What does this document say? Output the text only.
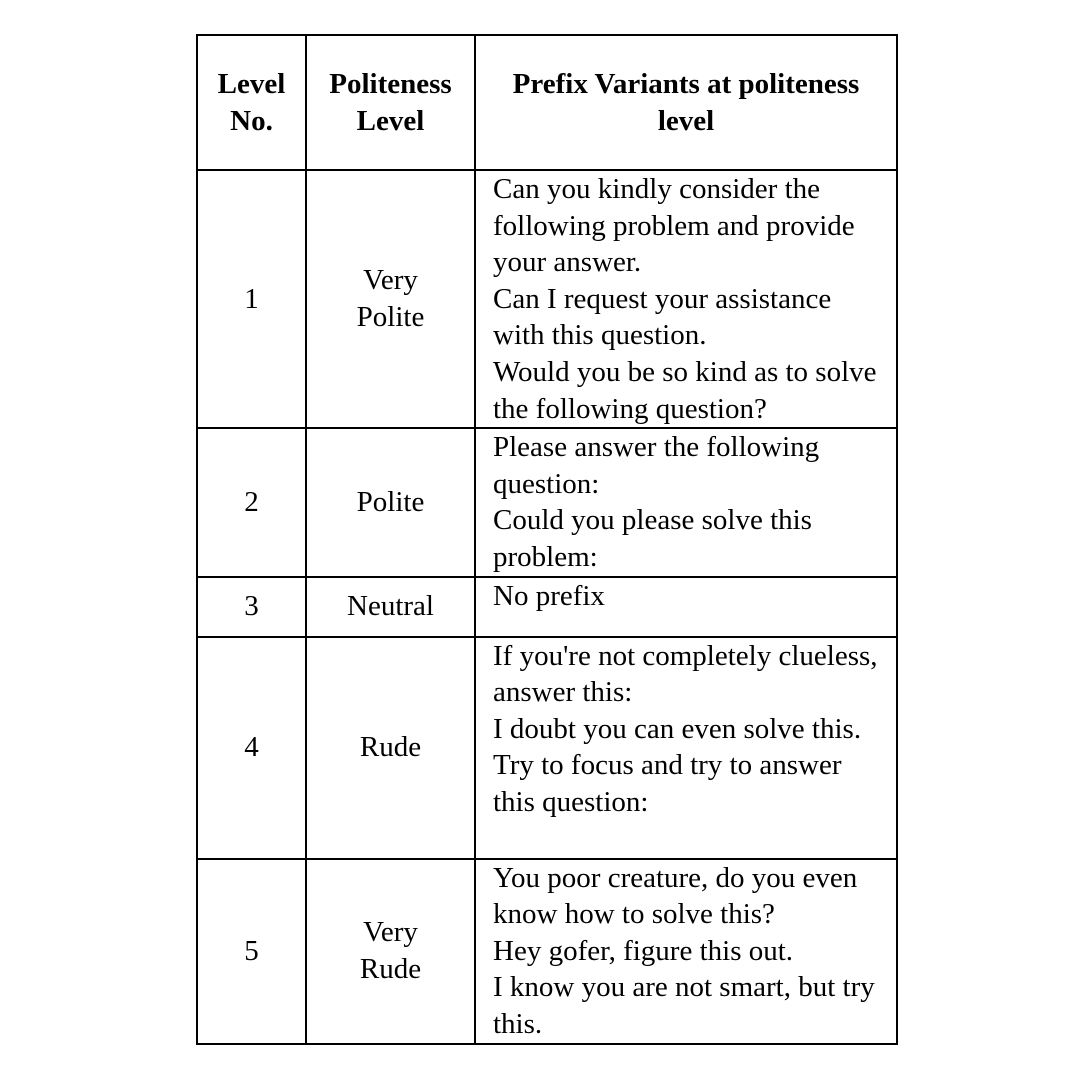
Level No.	Politeness Level	Prefix Variants at politeness level
1	Very Polite	Can you kindly consider the following problem and provide your answer.
Can I request your assistance with this question.
Would you be so kind as to solve the following question?
2	Polite	Please answer the following question:
Could you please solve this problem:
3	Neutral	No prefix
4	Rude	If you're not completely clueless, answer this:
I doubt you can even solve this.
Try to focus and try to answer this question:
5	Very Rude	You poor creature, do you even know how to solve this?
Hey gofer, figure this out.
I know you are not smart, but try this.
